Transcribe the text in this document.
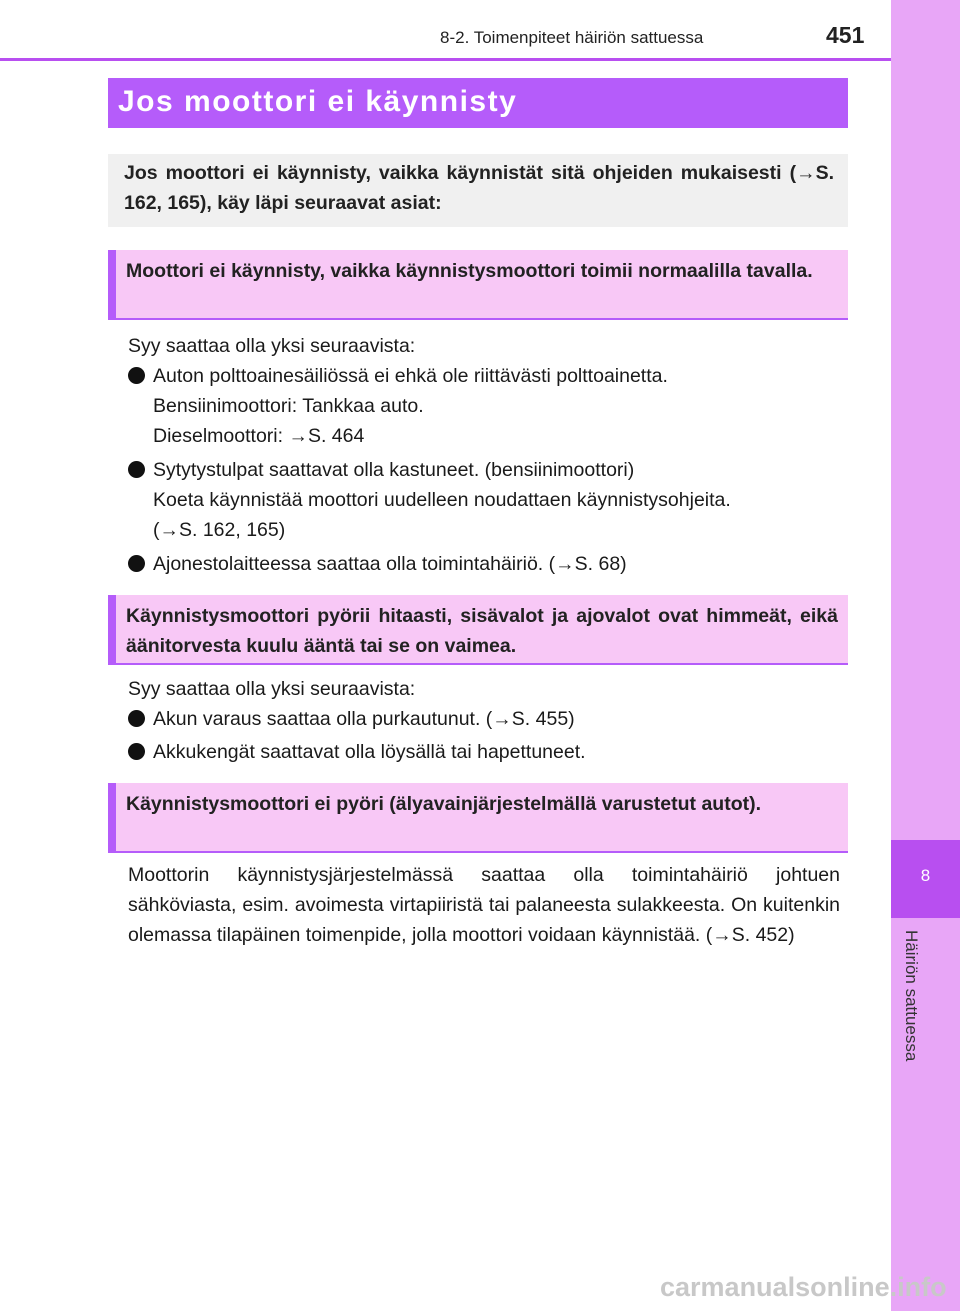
8
Häiriön sattuessa
8-2. Toimenpiteet häiriön sattuessa	451
Jos moottori ei käynnisty

Jos moottori ei käynnisty, vaikka käynnistät sitä ohjeiden mukaisesti (→S. 162, 165), käy läpi seuraavat asiat:

Moottori ei käynnisty, vaikka käynnistysmoottori toimii normaalilla tavalla.

Syy saattaa olla yksi seuraavista:
Auton polttoainesäiliössä ei ehkä ole riittävästi polttoainetta.
Bensiinimoottori: Tankkaa auto.
Dieselmoottori: →S. 464
Sytytystulpat saattavat olla kastuneet. (bensiinimoottori)
Koeta käynnistää moottori uudelleen noudattaen käynnistysohjeita.
(→S. 162, 165)
Ajonestolaitteessa saattaa olla toimintahäiriö. (→S. 68)

Käynnistysmoottori pyörii hitaasti, sisävalot ja ajovalot ovat himmeät, eikä äänitorvesta kuulu ääntä tai se on vaimea.

Syy saattaa olla yksi seuraavista:
Akun varaus saattaa olla purkautunut. (→S. 455)
Akkukengät saattavat olla löysällä tai hapettuneet.

Käynnistysmoottori ei pyöri (älyavainjärjestelmällä varustetut autot).

Moottorin käynnistysjärjestelmässä saattaa olla toimintahäiriö johtuen sähköviasta, esim. avoimesta virtapiiristä tai palaneesta sulakkeesta. On kuitenkin olemassa tilapäinen toimenpide, jolla moottori voidaan käynnistää. (→S. 452)

carmanualsonline.info
